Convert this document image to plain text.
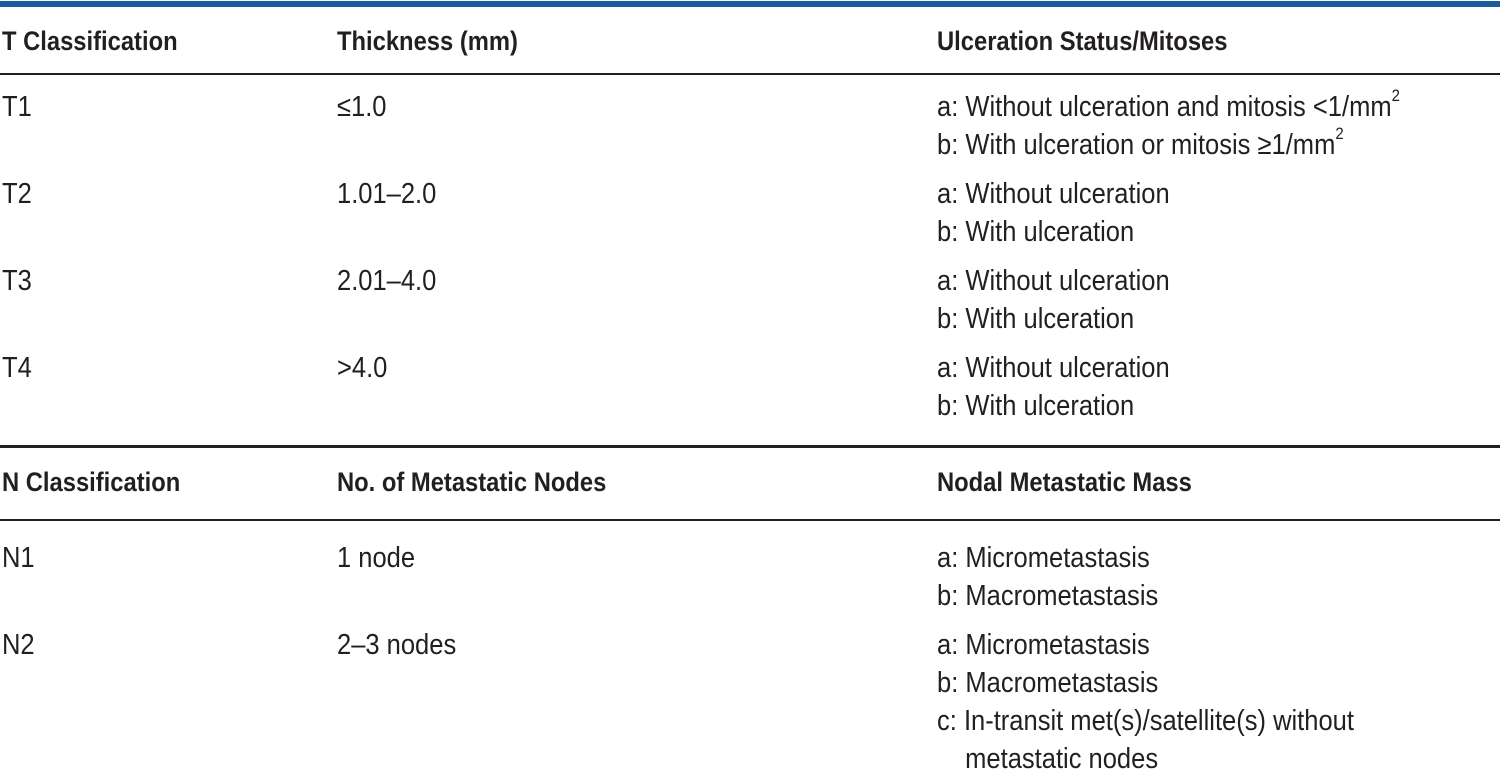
T Classification	Thickness (mm)	Ulceration Status/Mitoses
T1	≤1.0	a: Without ulceration and mitosis $<1/mm^2$
b: With ulceration or mitosis $\ge 1/mm^2$
T2	1.01–2.0	a: Without ulceration
b: With ulceration
T3	2.01–4.0	a: Without ulceration
b: With ulceration
T4	>4.0	a: Without ulceration
b: With ulceration
N Classification	No. of Metastatic Nodes	Nodal Metastatic Mass
N1	1 node	a: Micrometastasis
b: Macrometastasis
N2	2–3 nodes	a: Micrometastasis
b: Macrometastasis
c: In-transit met(s)/satellite(s) without
metastatic nodes
